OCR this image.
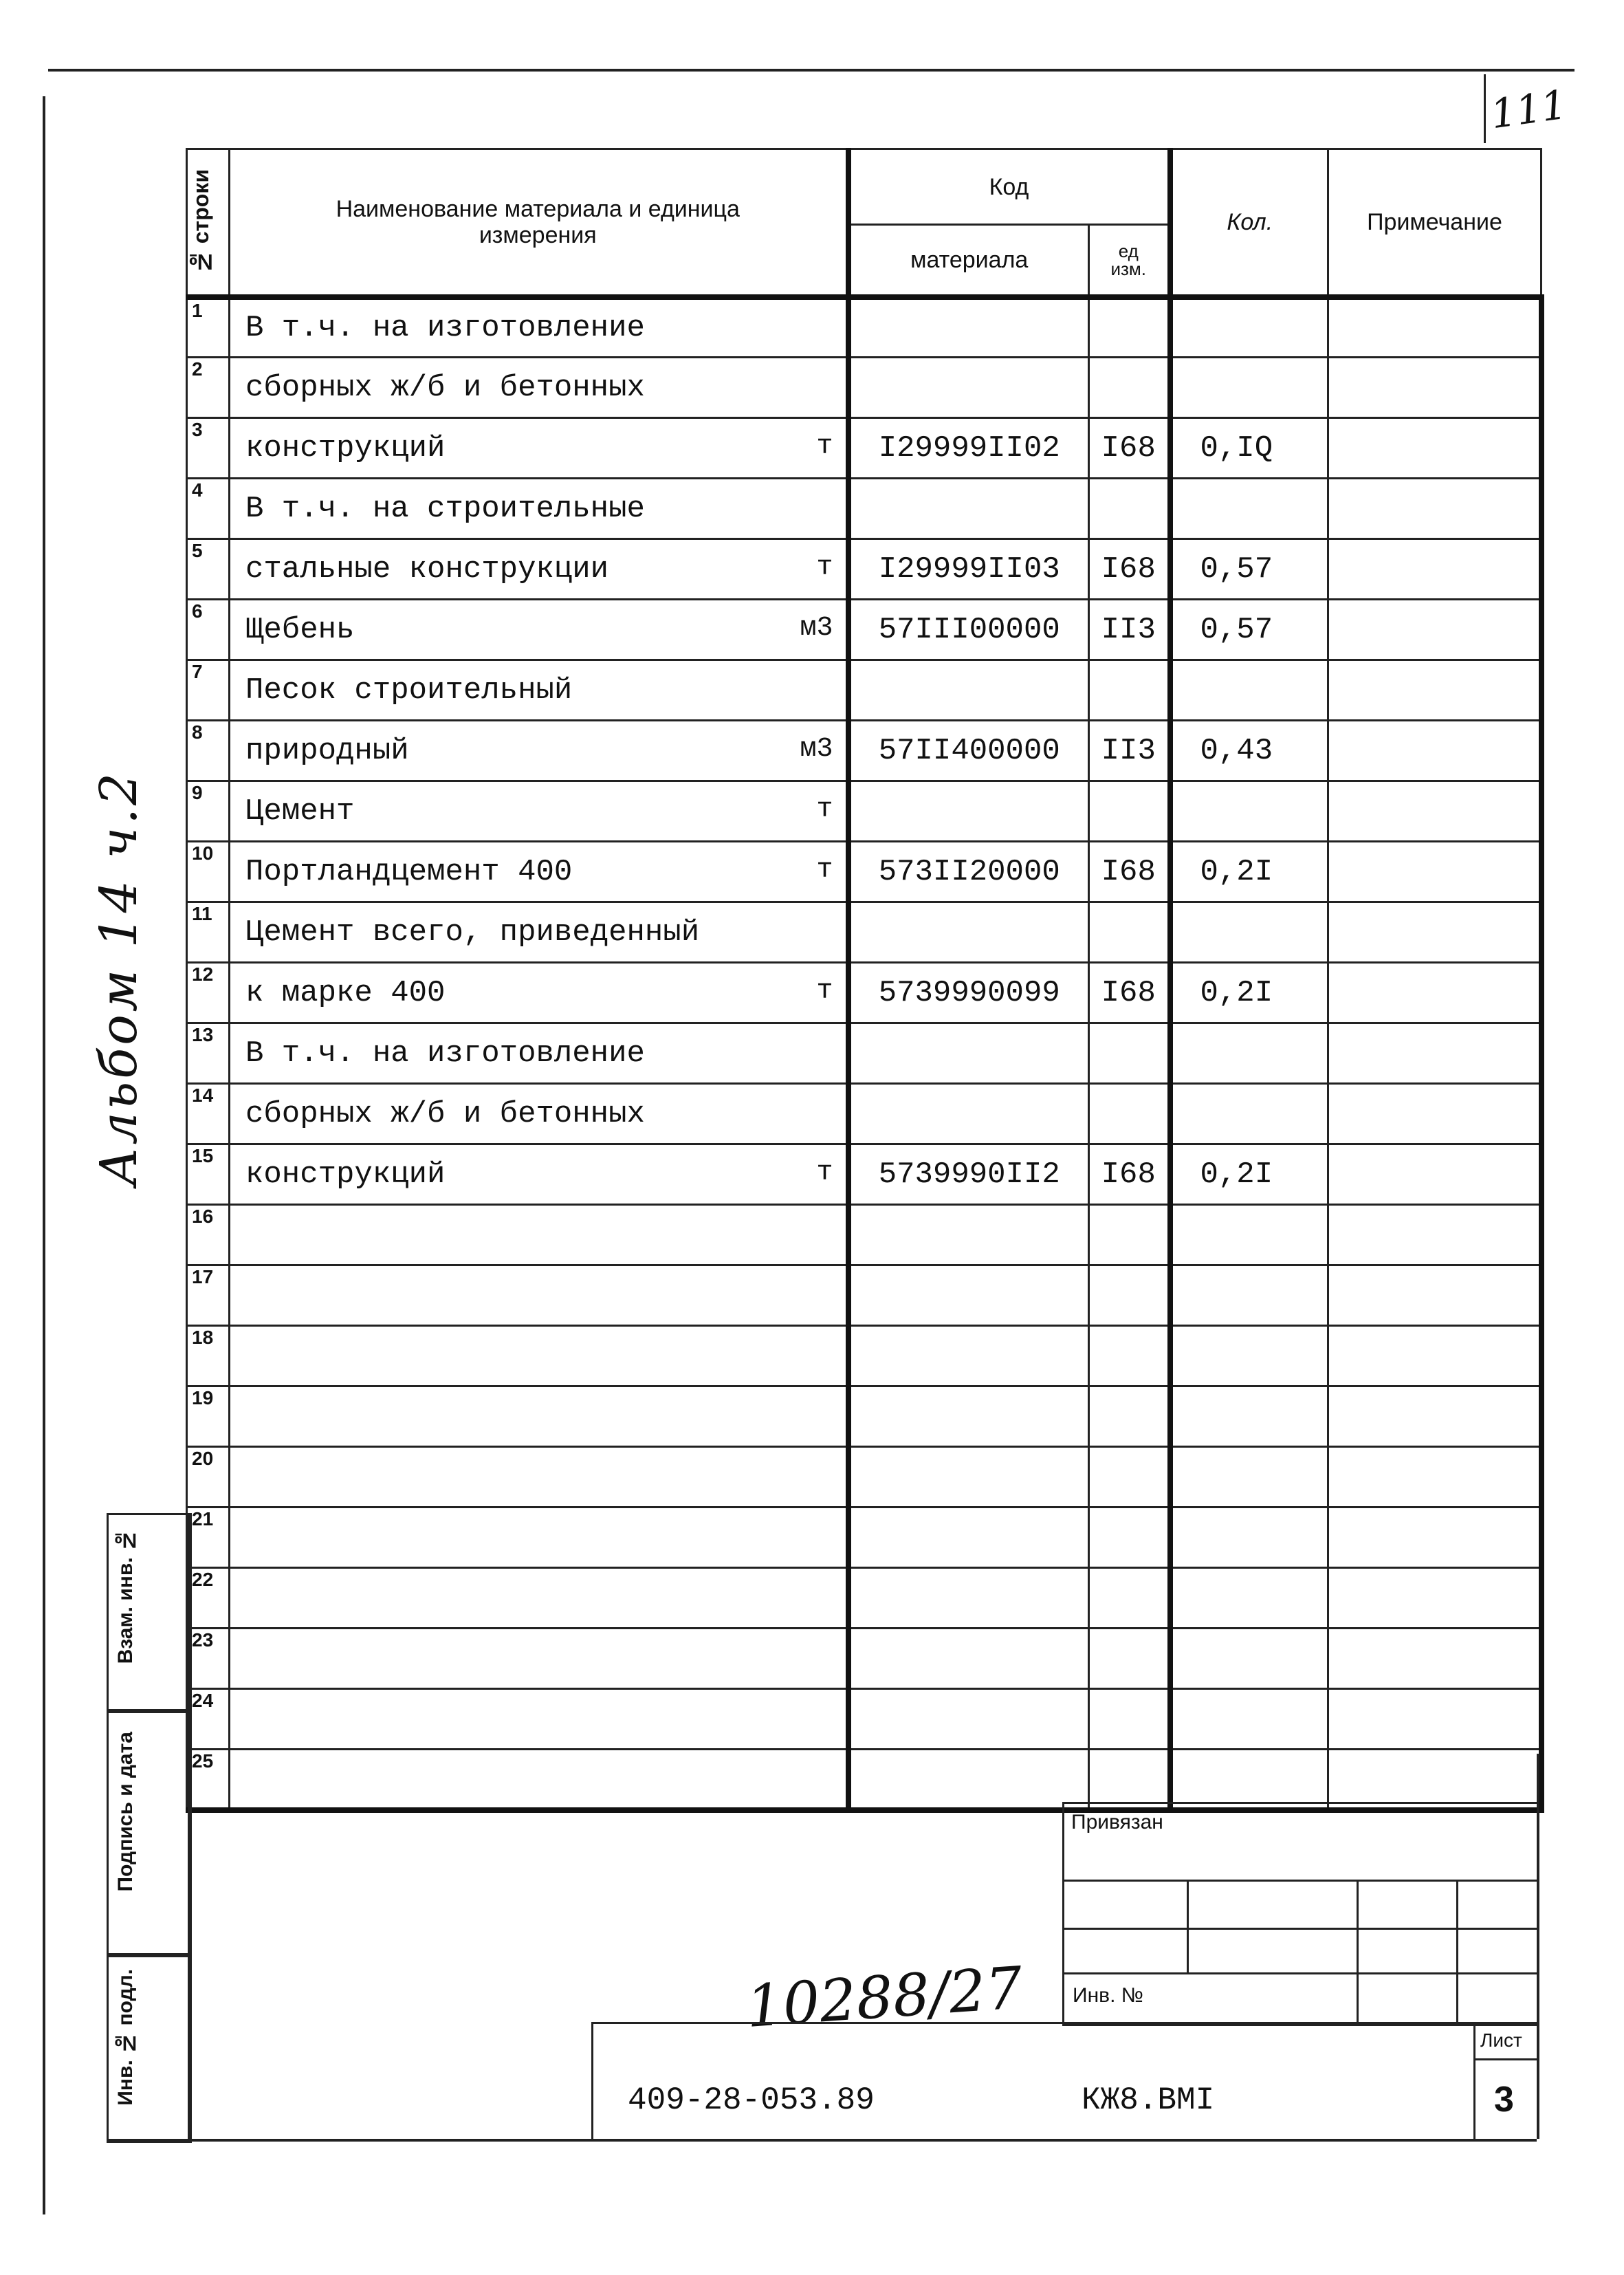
111
№ строки	Наименование материала и единица измерения	Код		Кол.	Примечание
		материала	ед изм.		
1	В т.ч. на изготовление

2	сборных ж/б и бетонных

3	конструкций т	I29999II02	I68	0,IQ	
4	В т.ч. на строительные

5	стальные конструкции т	I29999II03	I68	0,57	
6	Щебень м3	57III00000	II3	0,57	
7	Песок строительный

8	природный м3	57II400000	II3	0,43	
9	Цемент т				

10	Портландцемент 400 т	573II20000	I68	0,2I	
11	Цемент всего, приведенный

12	к марке 400 т	5739990099	I68	0,2I	
13	В т.ч. на изготовление

14	сборных ж/б и бетонных

15	конструкций т	5739990II2	I68	0,2I	
16	

17	

18	

19	

20	

21	

22	

23	

24	

25	

Альбом 14 ч.2
Взам. инв. №
Подпись и дата
Инв. № подл.
Привязан
Инв. №
10288/27
409-28-053.89	КЖ8.ВМI
Лист
3
